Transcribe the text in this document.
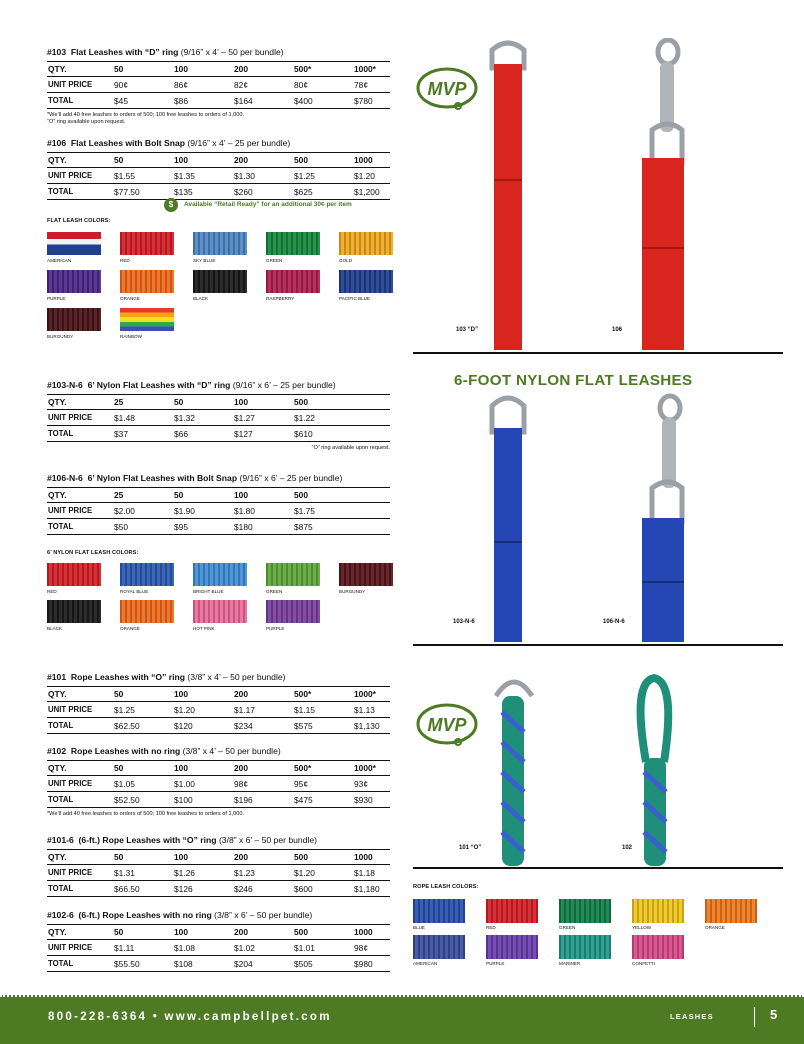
#103 Flat Leashes with “D” ring (9/16” x 4’ – 50 per bundle)
QTY.	50	100	200	500*	1000*
UNIT PRICE	90¢	86¢	82¢	80¢	78¢
TOTAL	$45	$86	$164	$400	$780
*We’ll add 40 free leashes to orders of 500; 100 free leashes to orders of 1,000.
“O” ring available upon request.
#106 Flat Leashes with Bolt Snap (9/16” x 4’ – 25 per bundle)
QTY.	50	100	200	500	1000
UNIT PRICE	$1.55	$1.35	$1.30	$1.25	$1.20
TOTAL	$77.50	$135	$260	$625	$1,200
#103-N-6 6’ Nylon Flat Leashes with “D” ring (9/16” x 6’ – 25 per bundle)
QTY.	25	50	100	500	
UNIT PRICE	$1.48	$1.32	$1.27	$1.22	
TOTAL	$37	$66	$127	$610	
“O” ring available upon request.
#106-N-6 6’ Nylon Flat Leashes with Bolt Snap (9/16” x 6’ – 25 per bundle)
QTY.	25	50	100	500	
UNIT PRICE	$2.00	$1.90	$1.80	$1.75	
TOTAL	$50	$95	$180	$875	
#101 Rope Leashes with “O” ring (3/8” x 4’ – 50 per bundle)
QTY.	50	100	200	500*	1000*
UNIT PRICE	$1.25	$1.20	$1.17	$1.15	$1.13
TOTAL	$62.50	$120	$234	$575	$1,130
#102 Rope Leashes with no ring (3/8” x 4’ – 50 per bundle)
QTY.	50	100	200	500*	1000*
UNIT PRICE	$1.05	$1.00	98¢	95¢	93¢
TOTAL	$52.50	$100	$196	$475	$930
*We’ll add 40 free leashes to orders of 500; 100 free leashes to orders of 1,000.
#101-6 (6-ft.) Rope Leashes with “O” ring (3/8” x 6’ – 50 per bundle)
QTY.	50	100	200	500	1000
UNIT PRICE	$1.31	$1.26	$1.23	$1.20	$1.18
TOTAL	$66.50	$126	$246	$600	$1,180
#102-6 (6-ft.) Rope Leashes with no ring (3/8” x 6’ – 50 per bundle)
QTY.	50	100	200	500	1000
UNIT PRICE	$1.11	$1.08	$1.02	$1.01	98¢
TOTAL	$55.50	$108	$204	$505	$980
$	Available “Retail Ready” for an additional 30¢ per item
FLAT LEASH COLORS:
AMERICAN	RED	SKY BLUE	GREEN	GOLD
PURPLE	ORANGE	BLACK	RASPBERRY	PACIFIC BLUE
BURGUNDY	RAINBOW
6’ NYLON FLAT LEASH COLORS:
RED	ROYAL BLUE	BRIGHT BLUE	GREEN	BURGUNDY
BLACK	ORANGE	HOT PINK	PURPLE
ROPE LEASH COLORS:
BLUE	RED	GREEN	YELLOW	ORANGE
AMERICAN	PURPLE	MARINER	CONFETTI
MVP
MVP
6-FOOT NYLON FLAT LEASHES
103 “D”	106
103-N-6	106-N-6
101 “O”	102
800-228-6364 • www.campbellpet.com	LEASHES	5
